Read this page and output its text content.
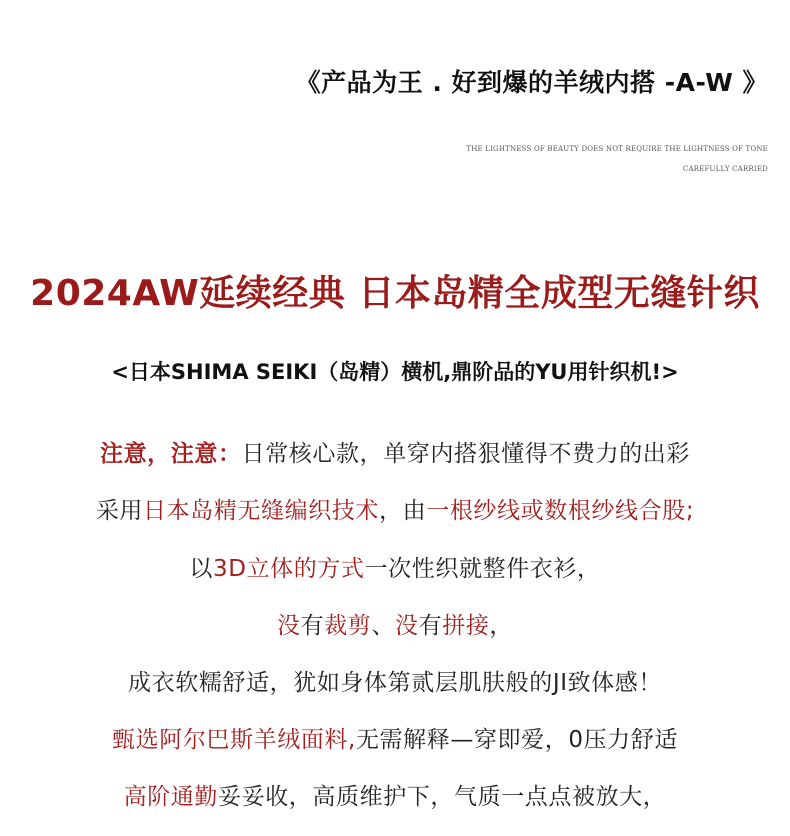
《产品为王 . 好到爆的羊绒内搭 -A-W 》
THE LIGHTNESS OF BEAUTY DOES NOT REQUIRE THE LIGHTNESS OF TONE
CAREFULLY CARRIED
2024AW延续经典 日本岛精全成型无缝针织
<日本SHIMA SEIKI（岛精）横机,鼎阶品的YU用针织机!>
注意，注意：日常核心款，单穿内搭狠懂得不费力的出彩
采用日本岛精无缝编织技术，由一根纱线或数根纱线合股;
以3D立体的方式一次性织就整件衣衫，
没有裁剪、没有拼接，
成衣软糯舒适，犹如身体第贰层肌肤般的JI致体感！
甄选阿尔巴斯羊绒面料,无需解释—穿即爱，0压力舒适
高阶通勤妥妥收，高质维护下，气质一点点被放大，
